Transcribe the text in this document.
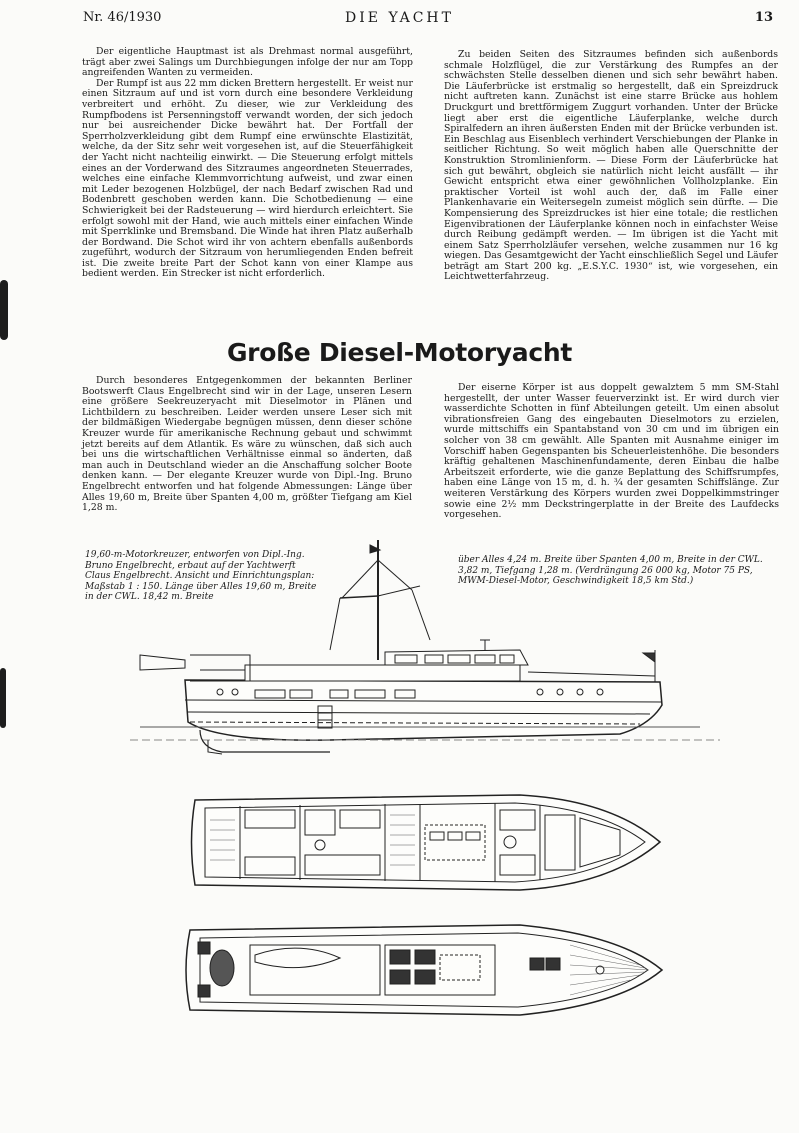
Nr. 46/1930	DIE YACHT	13

Der eigentliche Hauptmast ist als Drehmast normal ausgeführt, trägt aber zwei Salings um Durchbiegungen infolge der nur am Topp angreifenden Wanten zu vermeiden.

Der Rumpf ist aus 22 mm dicken Brettern hergestellt. Er weist nur einen Sitzraum auf und ist vorn durch eine besondere Verkleidung verbreitert und erhöht. Zu dieser, wie zur Verkleidung des Rumpfbodens ist Persenningstoff verwandt worden, der sich jedoch nur bei ausreichender Dicke bewährt hat. Der Fortfall der Sperrholzverkleidung gibt dem Rumpf eine erwünschte Elastizität, welche, da der Sitz sehr weit vorgesehen ist, auf die Steuerfähigkeit der Yacht nicht nachteilig einwirkt. — Die Steuerung erfolgt mittels eines an der Vorderwand des Sitzraumes angeordneten Steuerrades, welches eine einfache Klemmvorrichtung aufweist, und zwar einen mit Leder bezogenen Holzbügel, der nach Bedarf zwischen Rad und Bodenbrett geschoben werden kann. Die Schotbedienung — eine Schwierigkeit bei der Radsteuerung — wird hierdurch erleichtert. Sie erfolgt sowohl mit der Hand, wie auch mittels einer einfachen Winde mit Sperrklinke und Bremsband. Die Winde hat ihren Platz außerhalb der Bordwand. Die Schot wird ihr von achtern ebenfalls außenbords zugeführt, wodurch der Sitzraum von herumliegenden Enden befreit ist. Die zweite breite Part der Schot kann von einer Klampe aus bedient werden. Ein Strecker ist nicht erforderlich.

Zu beiden Seiten des Sitzraumes befinden sich außenbords schmale Holzflügel, die zur Verstärkung des Rumpfes an der schwächsten Stelle desselben dienen und sich sehr bewährt haben. Die Läuferbrücke ist erstmalig so hergestellt, daß ein Spreizdruck nicht auftreten kann. Zunächst ist eine starre Brücke aus hohlem Druckgurt und brettförmigem Zuggurt vorhanden. Unter der Brücke liegt aber erst die eigentliche Läuferplanke, welche durch Spiralfedern an ihren äußersten Enden mit der Brücke verbunden ist. Ein Beschlag aus Eisenblech verhindert Verschiebungen der Planke in seitlicher Richtung. So weit möglich haben alle Querschnitte der Konstruktion Stromlinienform. — Diese Form der Läuferbrücke hat sich gut bewährt, obgleich sie natürlich nicht leicht ausfällt — ihr Gewicht entspricht etwa einer gewöhnlichen Vollholzplanke. Ein praktischer Vorteil ist wohl auch der, daß im Falle einer Plankenhavarie ein Weitersegeln zumeist möglich sein dürfte. — Die Kompensierung des Spreizdruckes ist hier eine totale; die restlichen Eigenvibrationen der Läuferplanke können noch in einfachster Weise durch Reibung gedämpft werden. — Im übrigen ist die Yacht mit einem Satz Sperrholzläufer versehen, welche zusammen nur 16 kg wiegen. Das Gesamtgewicht der Yacht einschließlich Segel und Läufer beträgt am Start 200 kg. „E.S.Y.C. 1930“ ist, wie vorgesehen, ein Leichtwetterfahrzeug.

Große Diesel-Motoryacht

Durch besonderes Entgegenkommen der bekannten Berliner Bootswerft Claus Engelbrecht sind wir in der Lage, unseren Lesern eine größere Seekreuzeryacht mit Dieselmotor in Plänen und Lichtbildern zu beschreiben. Leider werden unsere Leser sich mit der bildmäßigen Wiedergabe begnügen müssen, denn dieser schöne Kreuzer wurde für amerikanische Rechnung gebaut und schwimmt jetzt bereits auf dem Atlantik. Es wäre zu wünschen, daß sich auch bei uns die wirtschaftlichen Verhältnisse einmal so änderten, daß man auch in Deutschland wieder an die Anschaffung solcher Boote denken kann. — Der elegante Kreuzer wurde von Dipl.-Ing. Bruno Engelbrecht entworfen und hat folgende Abmessungen: Länge über Alles 19,60 m, Breite über Spanten 4,00 m, größter Tiefgang am Kiel 1,28 m.

Der eiserne Körper ist aus doppelt gewalztem 5 mm SM-Stahl hergestellt, der unter Wasser feuerverzinkt ist. Er wird durch vier wasserdichte Schotten in fünf Abteilungen geteilt. Um einen absolut vibrationsfreien Gang des eingebauten Dieselmotors zu erzielen, wurde mittschiffs ein Spantabstand von 30 cm und im übrigen ein solcher von 38 cm gewählt. Alle Spanten mit Ausnahme einiger im Vorschiff haben Gegenspanten bis Scheuerleistenhöhe. Die besonders kräftig gehaltenen Maschinenfundamente, deren Einbau die halbe Arbeitszeit erforderte, wie die ganze Beplattung des Schiffsrumpfes, haben eine Länge von 15 m, d. h. ¾ der gesamten Schiffslänge. Zur weiteren Verstärkung des Körpers wurden zwei Doppelkimmstringer sowie eine 2½ mm Deckstringerplatte in der Breite des Laufdecks vorgesehen.

19,60-m-Motorkreuzer, entworfen von Dipl.-Ing. Bruno Engelbrecht, erbaut auf der Yachtwerft Claus Engelbrecht. Ansicht und Einrichtungsplan: Maßstab 1 : 150. Länge über Alles 19,60 m, Breite in der CWL. 18,42 m. Breite
über Alles 4,24 m. Breite über Spanten 4,00 m, Breite in der CWL. 3,82 m, Tiefgang 1,28 m. (Verdrängung 26 000 kg, Motor 75 PS, MWM-Diesel-Motor, Geschwindigkeit 18,5 km Std.)
